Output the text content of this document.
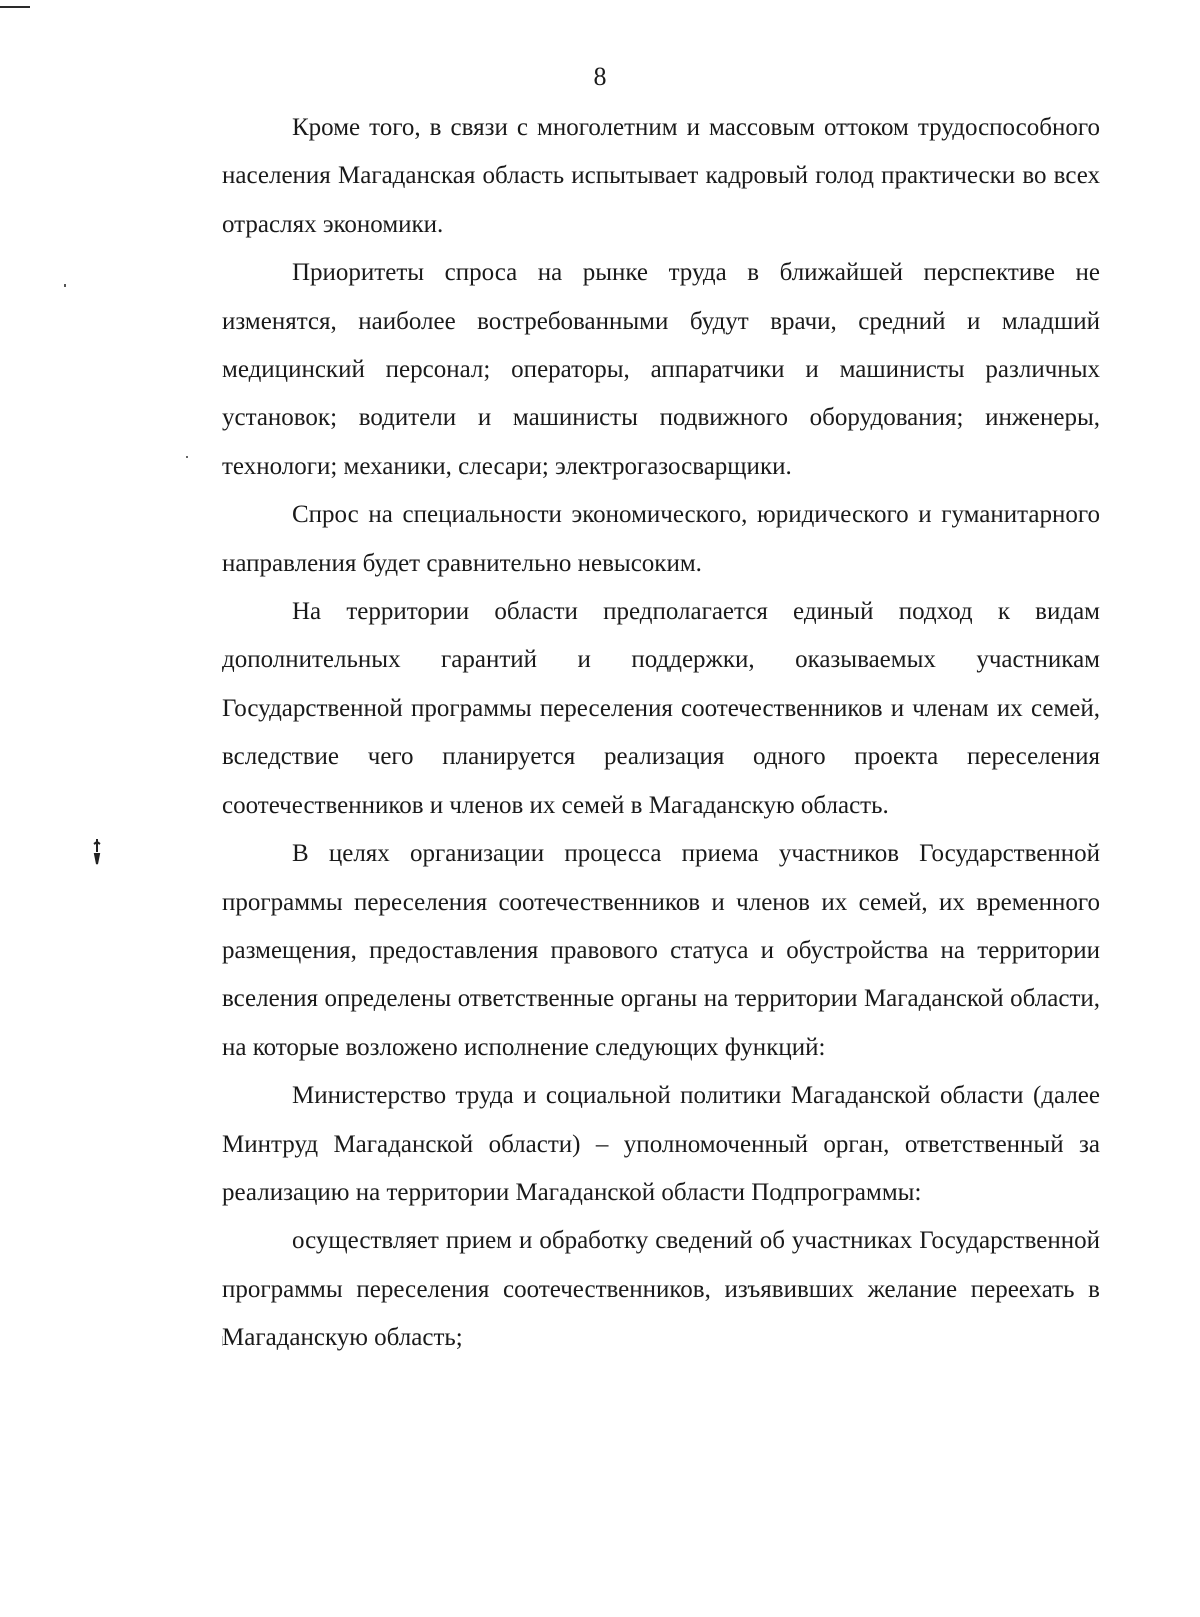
8

Кроме того, в связи с многолетним и массовым оттоком трудоспособного населения Магаданская область испытывает кадровый голод практически во всех отраслях экономики.

Приоритеты спроса на рынке труда в ближайшей перспективе не изменятся, наиболее востребованными будут врачи, средний и младший медицинский персонал; операторы, аппаратчики и машинисты различных установок; водители и машинисты подвижного оборудования; инженеры, технологи; механики, слесари; электрогазосварщики.

Спрос на специальности экономического, юридического и гуманитарного направления будет сравнительно невысоким.

На территории области предполагается единый подход к видам дополнительных гарантий и поддержки, оказываемых участникам Государственной программы переселения соотечественников и членам их семей, вследствие чего планируется реализация одного проекта переселения соотечественников и членов их семей в Магаданскую область.

В целях организации процесса приема участников Государственной программы переселения соотечественников и членов их семей, их временного размещения, предоставления правового статуса и обустройства на территории вселения определены ответственные органы на территории Магаданской области, на которые возложено исполнение следующих функций:

Министерство труда и социальной политики Магаданской области (далее Минтруд Магаданской области) – уполномоченный орган, ответственный за реализацию на территории Магаданской области Подпрограммы:

осуществляет прием и обработку сведений об участниках Государственной программы переселения соотечественников, изъявивших желание переехать в Магаданскую область;
